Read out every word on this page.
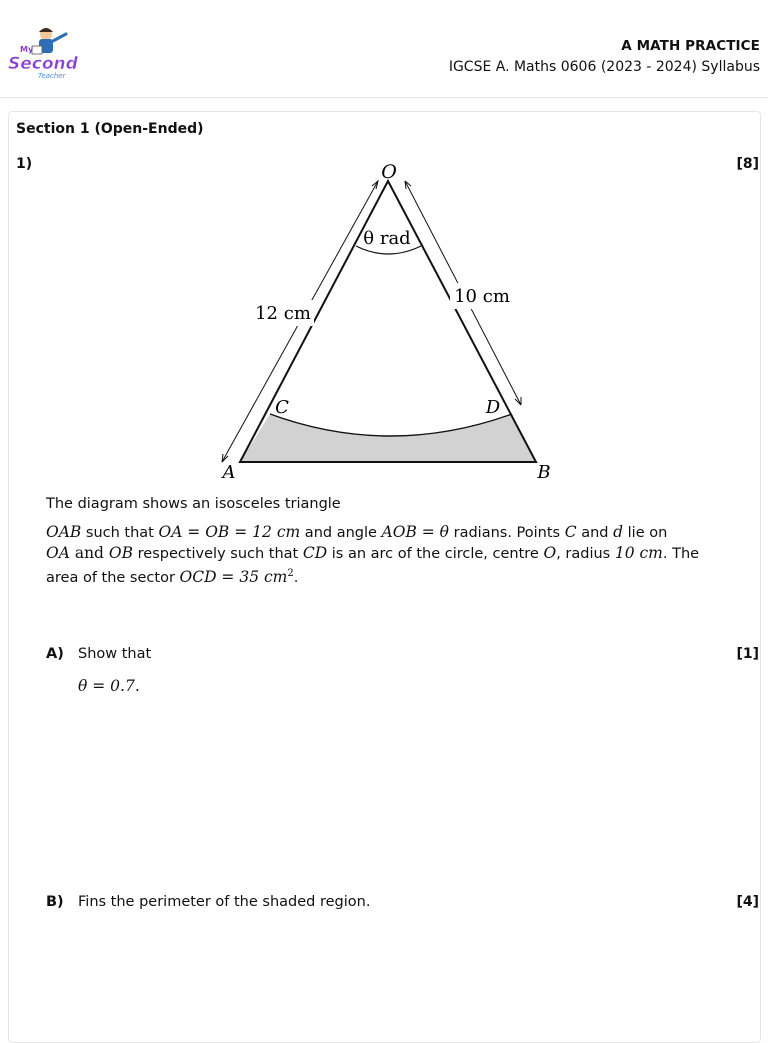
My
Second
Teacher
A MATH PRACTICE
IGCSE A. Maths 0606 (2023 - 2024) Syllabus
Section 1 (Open-Ended)
1)	[8]
O
A	B
C	D
θ rad
12 cm
10 cm
The diagram shows an isosceles triangle
OAB such that OA = OB = 12 cm and angle AOB = θ radians. Points C and d lie on
OA and OB respectively such that CD is an arc of the circle, centre O, radius 10 cm. The
area of the sector OCD = 35 $cm^2$.
A) Show that	[1]
θ = 0.7.
B) Fins the perimeter of the shaded region.	[4]
